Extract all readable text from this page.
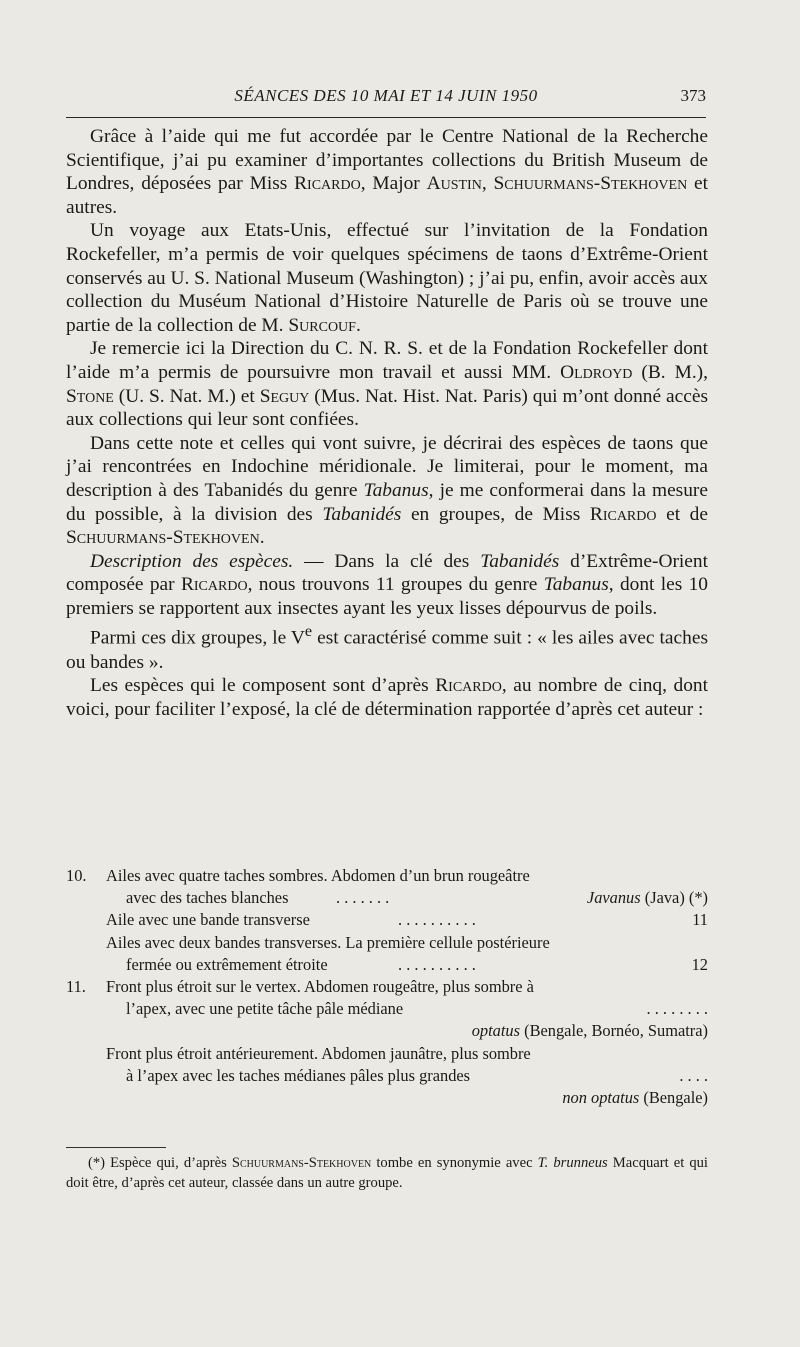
SÉANCES DES 10 MAI ET 14 JUIN 1950	373

Grâce à l’aide qui me fut accordée par le Centre National de la Recherche Scientifique, j’ai pu examiner d’importantes collections du British Museum de Londres, déposées par Miss Ricardo, Major Austin, Schuurmans-Stekhoven et autres.

Un voyage aux Etats-Unis, effectué sur l’invitation de la Fondation Rockefeller, m’a permis de voir quelques spécimens de taons d’Extrême-Orient conservés au U. S. National Museum (Washington) ; j’ai pu, enfin, avoir accès aux collection du Muséum National d’Histoire Naturelle de Paris où se trouve une partie de la collection de M. Surcouf.

Je remercie ici la Direction du C. N. R. S. et de la Fondation Rockefeller dont l’aide m’a permis de poursuivre mon travail et aussi MM. Oldroyd (B. M.), Stone (U. S. Nat. M.) et Seguy (Mus. Nat. Hist. Nat. Paris) qui m’ont donné accès aux collections qui leur sont confiées.

Dans cette note et celles qui vont suivre, je décrirai des espèces de taons que j’ai rencontrées en Indochine méridionale. Je limiterai, pour le moment, ma description à des Tabanidés du genre Tabanus, je me conformerai dans la mesure du possible, à la division des Tabanidés en groupes, de Miss Ricardo et de Schuurmans-Stekhoven.

Description des espèces. — Dans la clé des Tabanidés d’Extrême-Orient composée par Ricardo, nous trouvons 11 groupes du genre Tabanus, dont les 10 premiers se rapportent aux insectes ayant les yeux lisses dépourvus de poils.

Parmi ces dix groupes, le Ve est caractérisé comme suit : « les ailes avec taches ou bandes ».

Les espèces qui le composent sont d’après Ricardo, au nombre de cinq, dont voici, pour faciliter l’exposé, la clé de détermination rapportée d’après cet auteur :

10. Ailes avec quatre taches sombres. Abdomen d’un brun rougeâtre
avec des taches blanches	. . . . . . .	Javanus (Java) (*)
Aile avec une bande transverse	. . . . . . . . . .	11
Ailes avec deux bandes transverses. La première cellule postérieure
fermée ou extrêmement étroite	. . . . . . . . . .	12
11. Front plus étroit sur le vertex. Abdomen rougeâtre, plus sombre à
l’apex, avec une petite tâche pâle médiane	. . . . . . . .
optatus (Bengale, Bornéo, Sumatra)
Front plus étroit antérieurement. Abdomen jaunâtre, plus sombre
à l’apex avec les taches médianes pâles plus grandes	. . . .
non optatus (Bengale)

(*) Espèce qui, d’après Schuurmans-Stekhoven tombe en synonymie avec T. brunneus Macquart et qui doit être, d’après cet auteur, classée dans un autre groupe.
